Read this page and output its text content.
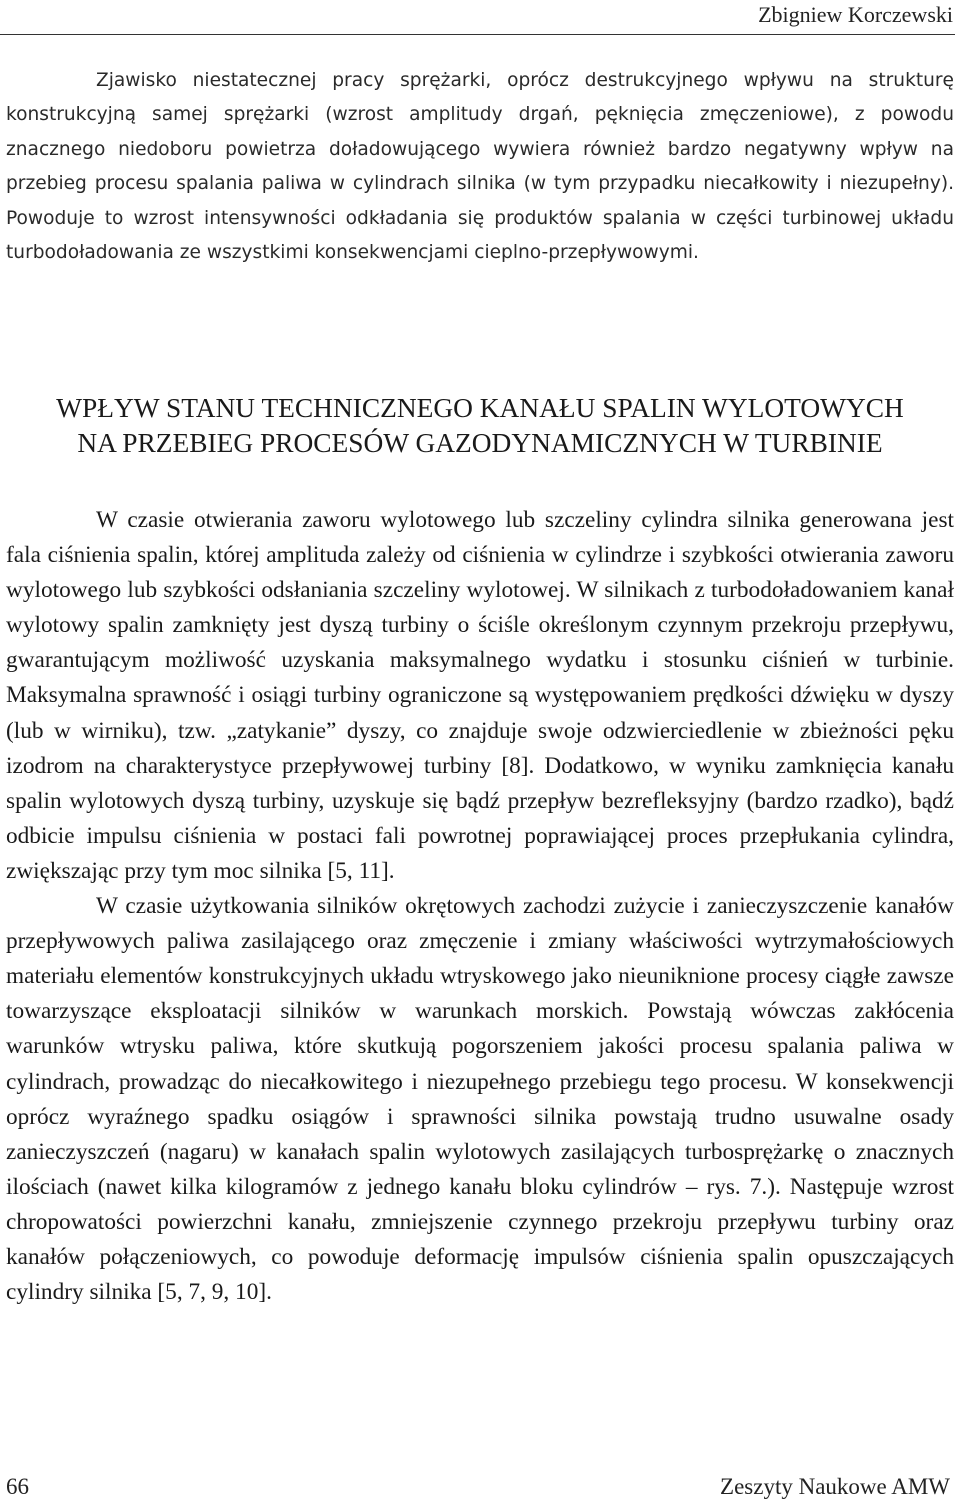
Zbigniew Korczewski

Zjawisko niestatecznej pracy sprężarki, oprócz destrukcyjnego wpływu na strukturę konstrukcyjną samej sprężarki (wzrost amplitudy drgań, pęknięcia zmęczeniowe), z powodu znacznego niedoboru powietrza doładowującego wywiera również bardzo negatywny wpływ na przebieg procesu spalania paliwa w cylindrach silnika (w tym przypadku niecałkowity i niezupełny). Powoduje to wzrost intensywności odkładania się produktów spalania w części turbinowej układu turbodoładowania ze wszystkimi konsekwencjami cieplno-przepływowymi.

WPŁYW STANU TECHNICZNEGO KANAŁU SPALIN WYLOTOWYCH
NA PRZEBIEG PROCESÓW GAZODYNAMICZNYCH W TURBINIE

W czasie otwierania zaworu wylotowego lub szczeliny cylindra silnika generowana jest fala ciśnienia spalin, której amplituda zależy od ciśnienia w cylindrze i szybkości otwierania zaworu wylotowego lub szybkości odsłaniania szczeliny wylotowej. W silnikach z turbodoładowaniem kanał wylotowy spalin zamknięty jest dyszą turbiny o ściśle określonym czynnym przekroju przepływu, gwarantującym możliwość uzyskania maksymalnego wydatku i stosunku ciśnień w turbinie. Maksymalna sprawność i osiągi turbiny ograniczone są występowaniem prędkości dźwięku w dyszy (lub w wirniku), tzw. „zatykanie” dyszy, co znajduje swoje odzwierciedlenie w zbieżności pęku izodrom na charakterystyce przepływowej turbiny [8]. Dodatkowo, w wyniku zamknięcia kanału spalin wylotowych dyszą turbiny, uzyskuje się bądź przepływ bezrefleksyjny (bardzo rzadko), bądź odbicie impulsu ciśnienia w postaci fali powrotnej poprawiającej proces przepłukania cylindra, zwiększając przy tym moc silnika [5, 11].

W czasie użytkowania silników okrętowych zachodzi zużycie i zanieczyszczenie kanałów przepływowych paliwa zasilającego oraz zmęczenie i zmiany właściwości wytrzymałościowych materiału elementów konstrukcyjnych układu wtryskowego jako nieuniknione procesy ciągłe zawsze towarzyszące eksploatacji silników w warunkach morskich. Powstają wówczas zakłócenia warunków wtrysku paliwa, które skutkują pogorszeniem jakości procesu spalania paliwa w cylindrach, prowadząc do niecałkowitego i niezupełnego przebiegu tego procesu. W konsekwencji oprócz wyraźnego spadku osiągów i sprawności silnika powstają trudno usuwalne osady zanieczyszczeń (nagaru) w kanałach spalin wylotowych zasilających turbosprężarkę o znacznych ilościach (nawet kilka kilogramów z jednego kanału bloku cylindrów – rys. 7.). Następuje wzrost chropowatości powierzchni kanału, zmniejszenie czynnego przekroju przepływu turbiny oraz kanałów połączeniowych, co powoduje deformację impulsów ciśnienia spalin opuszczających cylindry silnika [5, 7, 9, 10].

66	Zeszyty Naukowe AMW
